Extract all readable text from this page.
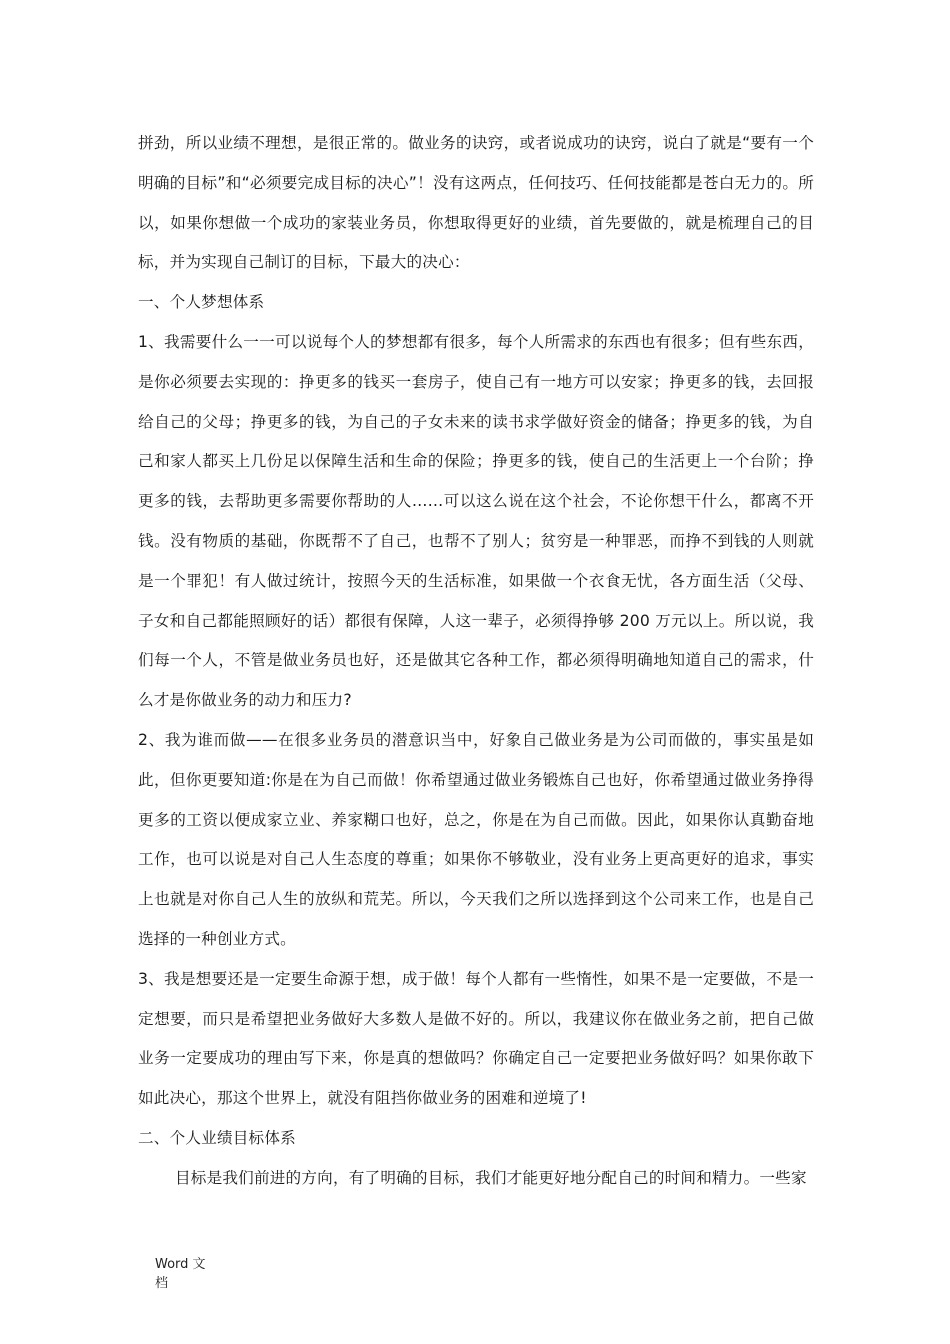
拼劲，所以业绩不理想，是很正常的。做业务的诀窍，或者说成功的诀窍，说白了就是“要有一个明确的目标”和“必须要完成目标的决心”！没有这两点，任何技巧、任何技能都是苍白无力的。所以，如果你想做一个成功的家装业务员，你想取得更好的业绩，首先要做的，就是梳理自己的目标，并为实现自己制订的目标，下最大的决心：

一、个人梦想体系

1、我需要什么一一可以说每个人的梦想都有很多，每个人所需求的东西也有很多；但有些东西，是你必须要去实现的：挣更多的钱买一套房子，使自己有一地方可以安家；挣更多的钱，去回报给自己的父母；挣更多的钱，为自己的子女未来的读书求学做好资金的储备；挣更多的钱，为自己和家人都买上几份足以保障生活和生命的保险；挣更多的钱，使自己的生活更上一个台阶；挣更多的钱，去帮助更多需要你帮助的人……可以这么说在这个社会，不论你想干什么，都离不开钱。没有物质的基础，你既帮不了自己，也帮不了别人；贫穷是一种罪恶，而挣不到钱的人则就是一个罪犯！有人做过统计，按照今天的生活标准，如果做一个衣食无忧，各方面生活（父母、子女和自己都能照顾好的话）都很有保障，人这一辈子，必须得挣够 200 万元以上。所以说，我们每一个人，不管是做业务员也好，还是做其它各种工作，都必须得明确地知道自己的需求，什么才是你做业务的动力和压力?

2、我为谁而做——在很多业务员的潜意识当中，好象自己做业务是为公司而做的，事实虽是如此，但你更要知道:你是在为自己而做！你希望通过做业务锻炼自己也好，你希望通过做业务挣得更多的工资以便成家立业、养家糊口也好，总之，你是在为自己而做。因此，如果你认真勤奋地工作，也可以说是对自己人生态度的尊重；如果你不够敬业，没有业务上更高更好的追求，事实上也就是对你自己人生的放纵和荒芜。所以，今天我们之所以选择到这个公司来工作，也是自己选择的一种创业方式。

3、我是想要还是一定要生命源于想，成于做！每个人都有一些惰性，如果不是一定要做，不是一定想要，而只是希望把业务做好大多数人是做不好的。所以，我建议你在做业务之前，把自己做业务一定要成功的理由写下来，你是真的想做吗？你确定自己一定要把业务做好吗？如果你敢下如此决心，那这个世界上，就没有阻挡你做业务的困难和逆境了!

二、个人业绩目标体系

目标是我们前进的方向，有了明确的目标，我们才能更好地分配自己的时间和精力。一些家

Word 文档
